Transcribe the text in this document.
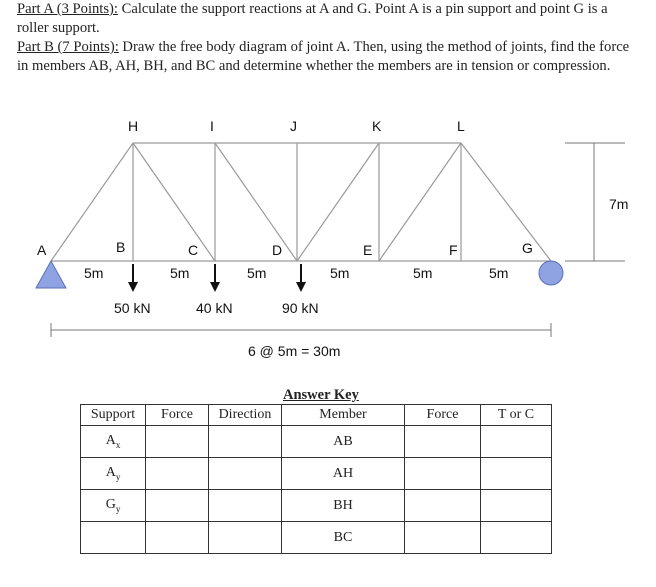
Part A (3 Points): Calculate the support reactions at A and G. Point A is a pin support and point G is a roller support.

Part B (7 Points): Draw the free body diagram of joint A. Then, using the method of joints, find the force in members AB, AH, BH, and BC and determine whether the members are in tension or compression.

7m
6 @ 5m = 30m
H	I	J	K	L
A	B	C	D	E	F	G
5m	5m	5m	5m	5m	5m
50 kN	40 kN	90 kN
Answer Key
Support	Force	Direction	Member	Force	T or C
$A_x$			AB		
$A_y$			AH		
$G_y$			BH		
			BC		
